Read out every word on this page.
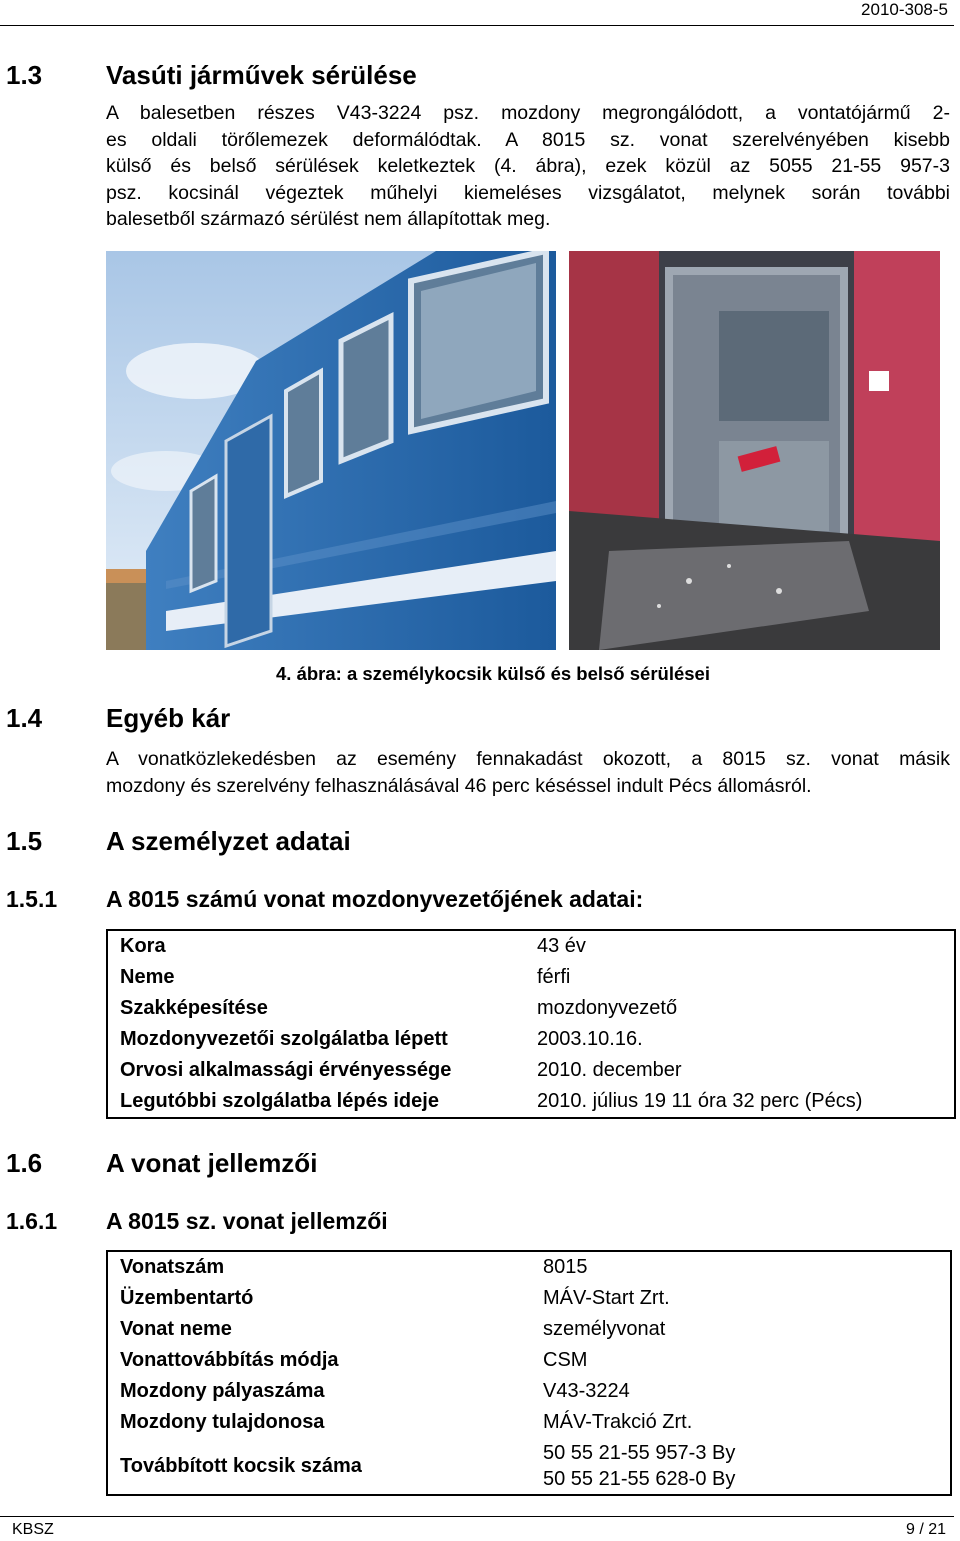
2010-308-5
1.3 Vasúti járművek sérülése
A balesetben részes V43-3224 psz. mozdony megrongálódott, a vontatójármű 2-
es oldali törőlemezek deformálódtak. A 8015 sz. vonat szerelvényében kisebb
külső és belső sérülések keletkeztek (4. ábra), ezek közül az 5055 21-55 957-3
psz. kocsinál végeztek műhelyi kiemeléses vizsgálatot, melynek során további
balesetből származó sérülést nem állapítottak meg.
4. ábra: a személykocsik külső és belső sérülései
1.4 Egyéb kár
A vonatközlekedésben az esemény fennakadást okozott, a 8015 sz. vonat másik
mozdony és szerelvény felhasználásával 46 perc késéssel indult Pécs állomásról.
1.5 A személyzet adatai
1.5.1 A 8015 számú vonat mozdonyvezetőjének adatai:
Kora	43 év
Neme	férfi
Szakképesítése	mozdonyvezető
Mozdonyvezetői szolgálatba lépett	2003.10.16.
Orvosi alkalmassági érvényessége	2010. december
Legutóbbi szolgálatba lépés ideje	2010. július 19 11 óra 32 perc (Pécs)
1.6 A vonat jellemzői
1.6.1 A 8015 sz. vonat jellemzői
Vonatszám	8015
Üzembentartó	MÁV-Start Zrt.
Vonat neme	személyvonat
Vonattovábbítás módja	CSM
Mozdony pályaszáma	V43-3224
Mozdony tulajdonosa	MÁV-Trakció Zrt.
Továbbított kocsik száma	50 55 21-55 957-3 By
50 55 21-55 628-0 By
KBSZ	9 / 21
